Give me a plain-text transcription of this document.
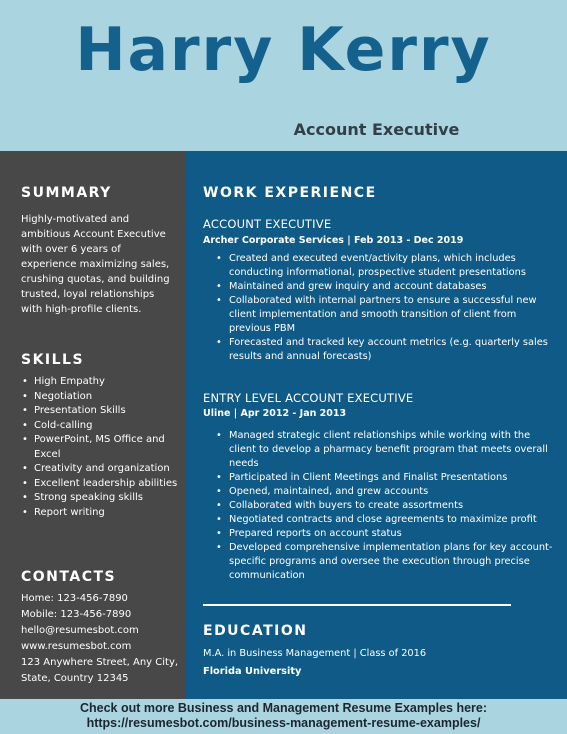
Harry Kerry
Account Executive
SUMMARY
Highly-motivated and ambitious Account Executive with over 6 years of experience maximizing sales, crushing quotas, and building trusted, loyal relationships with high-profile clients.
SKILLS
• High Empathy
• Negotiation
• Presentation Skills
• Cold-calling
• PowerPoint, MS Office and Excel
• Creativity and organization
• Excellent leadership abilities
• Strong speaking skills
• Report writing
CONTACTS
Home: 123-456-7890
Mobile: 123-456-7890
hello@resumesbot.com
www.resumesbot.com
123 Anywhere Street, Any City, State, Country 12345
WORK EXPERIENCE
ACCOUNT EXECUTIVE
Archer Corporate Services | Feb 2013 - Dec 2019
• Created and executed event/activity plans, which includes conducting informational, prospective student presentations
• Maintained and grew inquiry and account databases
• Collaborated with internal partners to ensure a successful new client implementation and smooth transition of client from previous PBM
• Forecasted and tracked key account metrics (e.g. quarterly sales results and annual forecasts)
ENTRY LEVEL ACCOUNT EXECUTIVE
Uline | Apr 2012 - Jan 2013
• Managed strategic client relationships while working with the client to develop a pharmacy benefit program that meets overall needs
• Participated in Client Meetings and Finalist Presentations
• Opened, maintained, and grew accounts
• Collaborated with buyers to create assortments
• Negotiated contracts and close agreements to maximize profit
• Prepared reports on account status
• Developed comprehensive implementation plans for key account-specific programs and oversee the execution through precise communication
EDUCATION
M.A. in Business Management | Class of 2016
Florida University
Check out more Business and Management Resume Examples here:
https://resumesbot.com/business-management-resume-examples/
